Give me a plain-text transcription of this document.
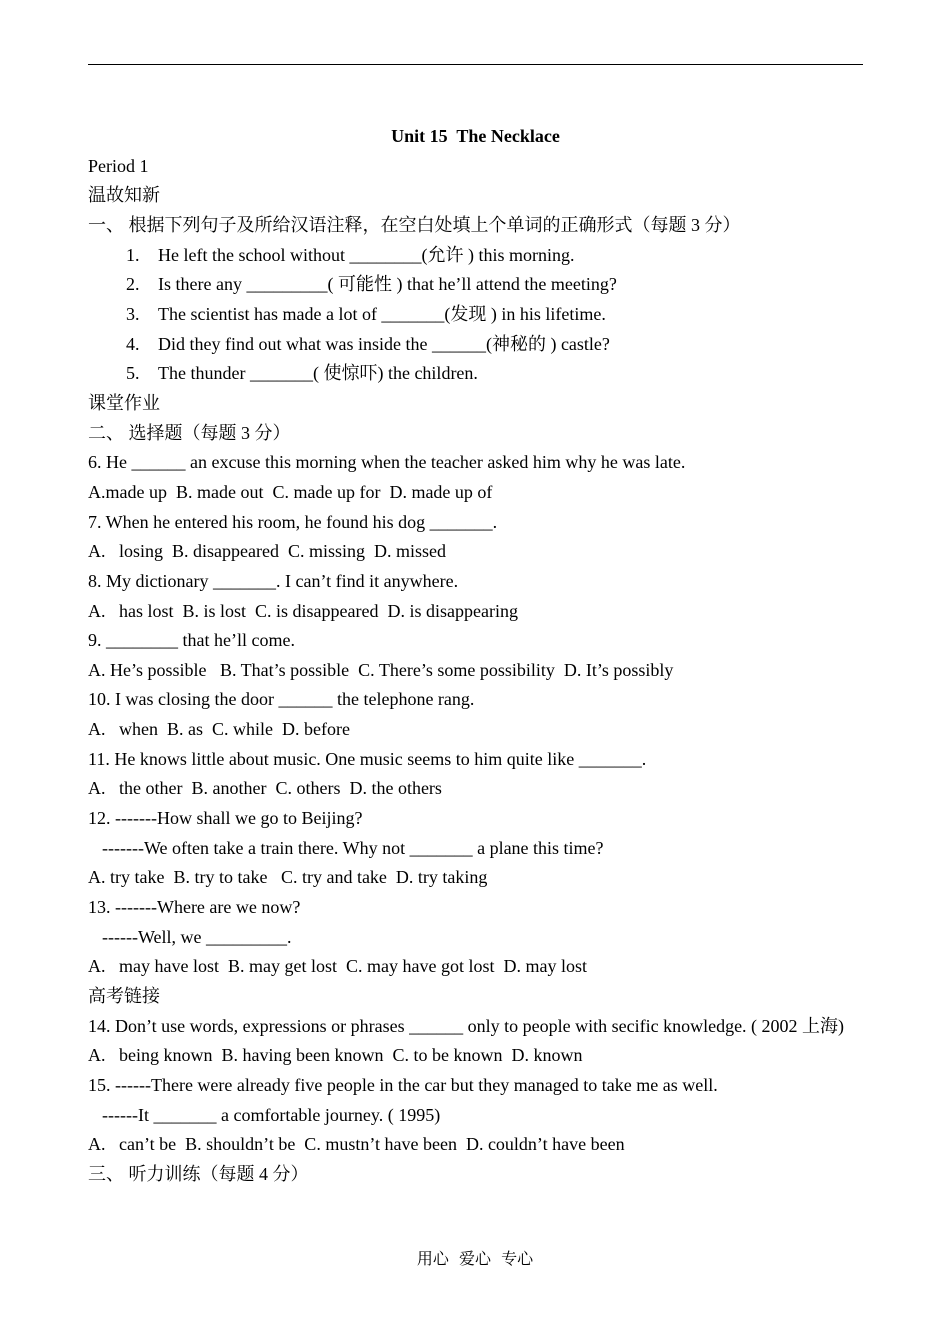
Unit 15  The Necklace
Period 1
温故知新
一、 根据下列句子及所给汉语注释，在空白处填上个单词的正确形式（每题 3 分）
1. He left the school without ________(允许 ) this morning.
2. Is there any _________( 可能性 ) that he’ll attend the meeting?
3. The scientist has made a lot of _______(发现 ) in his lifetime.
4. Did they find out what was inside the ______(神秘的 ) castle?
5. The thunder _______( 使惊吓) the children.
课堂作业
二、 选择题（每题 3 分）
6. He ______ an excuse this morning when the teacher asked him why he was late.
A.made up  B. made out  C. made up for  D. made up of
7. When he entered his room, he found his dog _______.
A.   losing  B. disappeared  C. missing  D. missed
8. My dictionary _______. I can’t find it anywhere.
A.   has lost  B. is lost  C. is disappeared  D. is disappearing
9. ________ that he’ll come.
A. He’s possible   B. That’s possible  C. There’s some possibility  D. It’s possibly
10. I was closing the door ______ the telephone rang.
A.   when  B. as  C. while  D. before
11. He knows little about music. One music seems to him quite like _______.
A.   the other  B. another  C. others  D. the others
12. -------How shall we go to Beijing?
-------We often take a train there. Why not _______ a plane this time?
A. try take  B. try to take   C. try and take  D. try taking
13. -------Where are we now?
------Well, we _________.
A.   may have lost  B. may get lost  C. may have got lost  D. may lost
高考链接
14. Don’t use words, expressions or phrases ______ only to people with secific knowledge. ( 2002 上海)
A.   being known  B. having been known  C. to be known  D. known
15. ------There were already five people in the car but they managed to take me as well.
------It _______ a comfortable journey. ( 1995)
A.   can’t be  B. shouldn’t be  C. mustn’t have been  D. couldn’t have been
三、 听力训练（每题 4 分）
用心  爱心  专心
